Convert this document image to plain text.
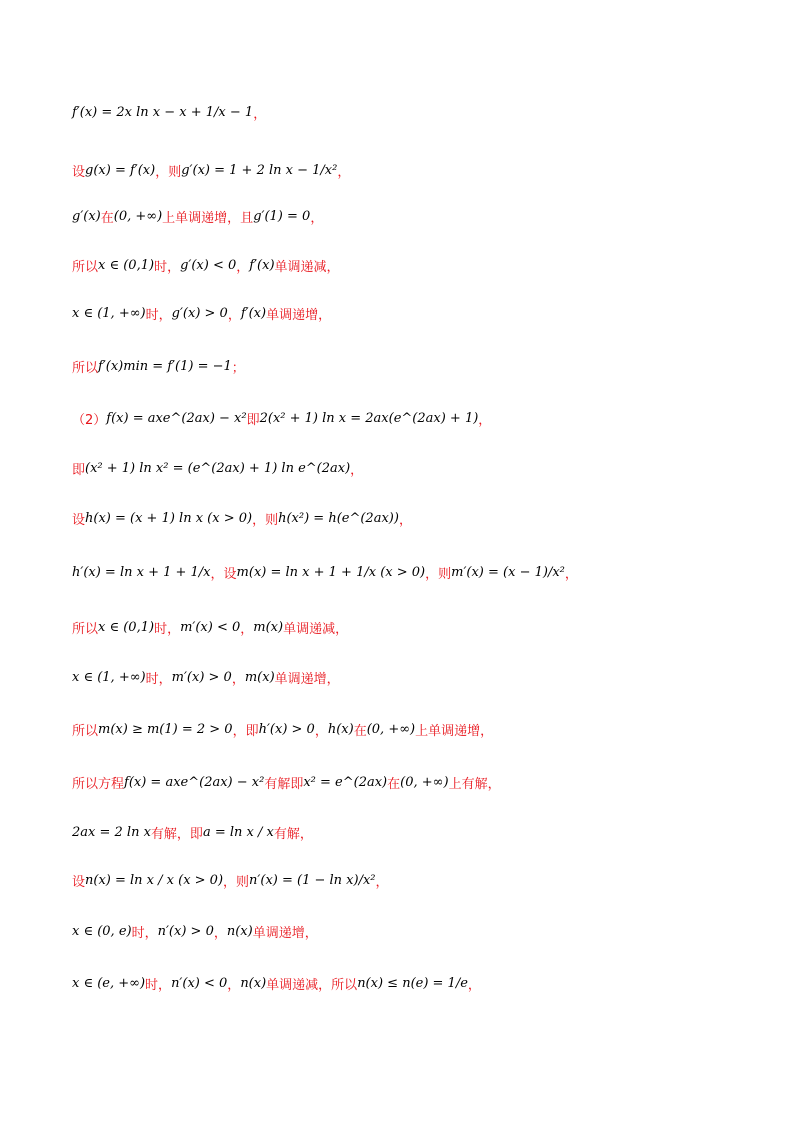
f′(x) = 2x ln x − x + 1/x − 1 ，
设 g(x) = f′(x) ，则 g′(x) = 1 + 2 ln x − 1/x² ，
g′(x) 在 (0, +∞) 上单调递增，且 g′(1) = 0 ，
所以 x ∈ (0,1) 时， g′(x) < 0 ， f′(x) 单调递减，
x ∈ (1, +∞) 时， g′(x) > 0 ， f′(x) 单调递增，
所以 f′(x)min = f′(1) = −1 ；
（2） f(x) = axe^(2ax) − x² 即 2(x² + 1) ln x = 2ax(e^(2ax) + 1) ，
即 (x² + 1) ln x² = (e^(2ax) + 1) ln e^(2ax) ，
设 h(x) = (x + 1) ln x (x > 0) ，则 h(x²) = h(e^(2ax)) ，
h′(x) = ln x + 1 + 1/x ，设 m(x) = ln x + 1 + 1/x (x > 0) ，则 m′(x) = (x − 1)/x² ，
所以 x ∈ (0,1) 时， m′(x) < 0 ， m(x) 单调递减，
x ∈ (1, +∞) 时， m′(x) > 0 ， m(x) 单调递增，
所以 m(x) ≥ m(1) = 2 > 0 ，即 h′(x) > 0 ， h(x) 在 (0, +∞) 上单调递增，
所以方程 f(x) = axe^(2ax) − x² 有解即 x² = e^(2ax) 在 (0, +∞) 上有解，
2ax = 2 ln x 有解，即 a = ln x / x 有解，
设 n(x) = ln x / x (x > 0) ，则 n′(x) = (1 − ln x)/x² ，
x ∈ (0, e) 时， n′(x) > 0 ， n(x) 单调递增，
x ∈ (e, +∞) 时， n′(x) < 0 ， n(x) 单调递减，所以 n(x) ≤ n(e) = 1/e ，
